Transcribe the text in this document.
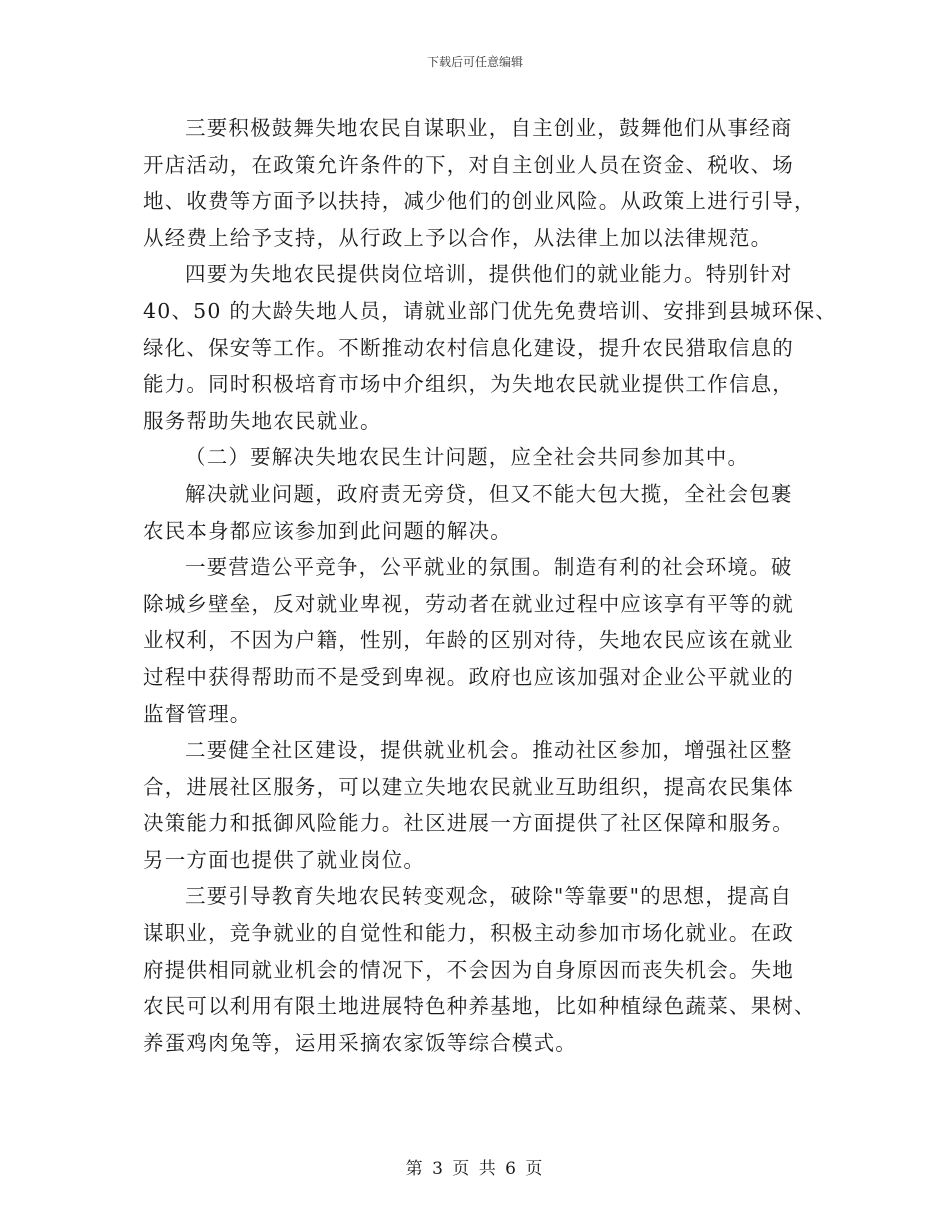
下载后可任意编辑
三要积极鼓舞失地农民自谋职业，自主创业，鼓舞他们从事经商
开店活动，在政策允许条件的下，对自主创业人员在资金、税收、场
地、收费等方面予以扶持，减少他们的创业风险。从政策上进行引导，
从经费上给予支持，从行政上予以合作，从法律上加以法律规范。
四要为失地农民提供岗位培训，提供他们的就业能力。特别针对
40、50 的大龄失地人员，请就业部门优先免费培训、安排到县城环保、
绿化、保安等工作。不断推动农村信息化建设，提升农民猎取信息的
能力。同时积极培育市场中介组织，为失地农民就业提供工作信息，
服务帮助失地农民就业。
（二）要解决失地农民生计问题，应全社会共同参加其中。
解决就业问题，政府责无旁贷，但又不能大包大揽，全社会包裹
农民本身都应该参加到此问题的解决。
一要营造公平竞争，公平就业的氛围。制造有利的社会环境。破
除城乡壁垒，反对就业卑视，劳动者在就业过程中应该享有平等的就
业权利，不因为户籍，性别，年龄的区别对待，失地农民应该在就业
过程中获得帮助而不是受到卑视。政府也应该加强对企业公平就业的
监督管理。
二要健全社区建设，提供就业机会。推动社区参加，增强社区整
合，进展社区服务，可以建立失地农民就业互助组织，提高农民集体
决策能力和抵御风险能力。社区进展一方面提供了社区保障和服务。
另一方面也提供了就业岗位。
三要引导教育失地农民转变观念，破除"等靠要"的思想，提高自
谋职业，竞争就业的自觉性和能力，积极主动参加市场化就业。在政
府提供相同就业机会的情况下，不会因为自身原因而丧失机会。失地
农民可以利用有限土地进展特色种养基地，比如种植绿色蔬菜、果树、
养蛋鸡肉兔等，运用采摘农家饭等综合模式。
第 3 页 共 6 页
